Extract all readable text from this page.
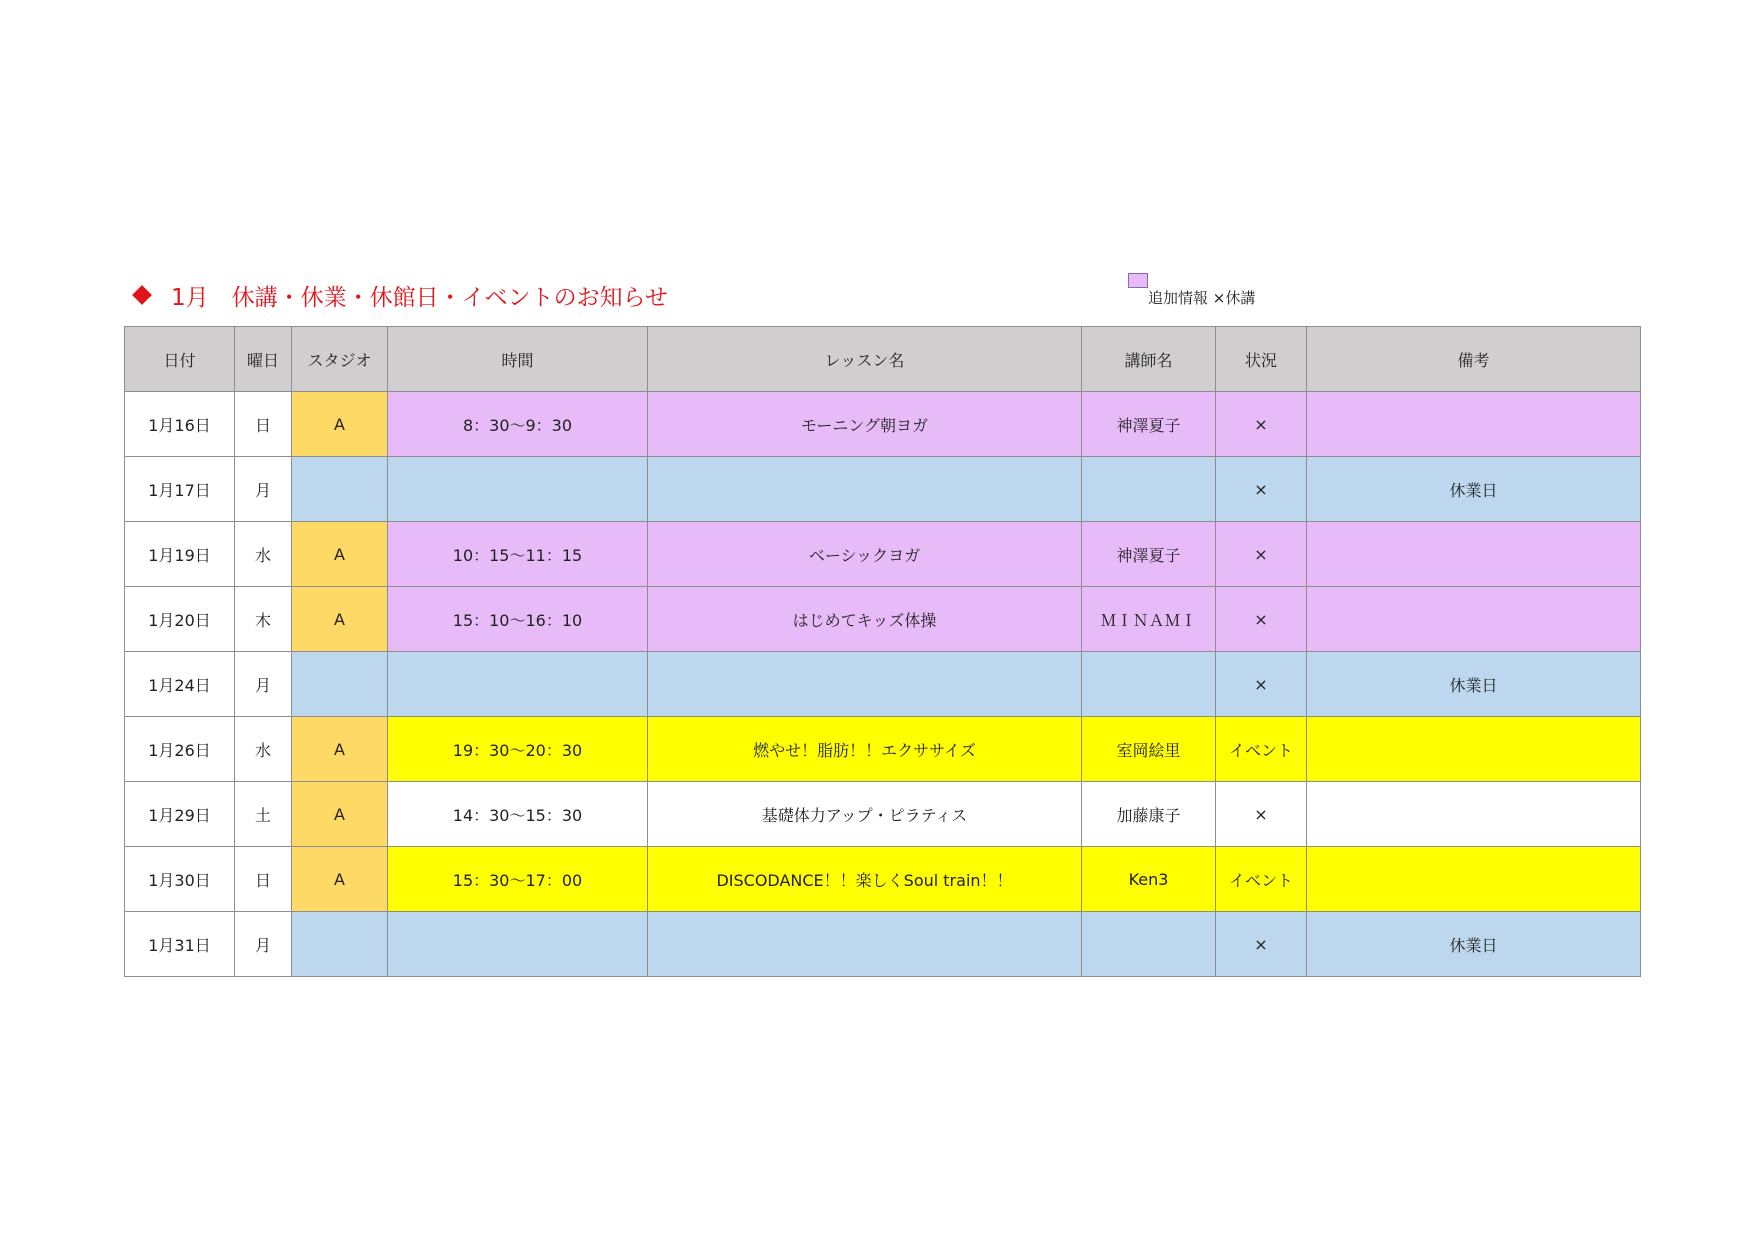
1月　休講・休業・休館日・イベントのお知らせ	追加情報 ×休講
日付	曜日	スタジオ	時間	レッスン名	講師名	状況	備考
1月16日	日	A	8：30～9：30	モーニング朝ヨガ	神澤夏子	×	
1月17日	月					×	休業日
1月19日	水	A	10：15～11：15	ベーシックヨガ	神澤夏子	×	
1月20日	木	A	15：10～16：10	はじめてキッズ体操	ＭＩＮＡＭＩ	×	
1月24日	月					×	休業日
1月26日	水	A	19：30～20：30	燃やせ！脂肪！！エクササイズ	室岡絵里	イベント	
1月29日	土	A	14：30～15：30	基礎体力アップ・ピラティス	加藤康子	×	
1月30日	日	A	15：30～17：00	DISCODANCE！！楽しくSoul train！！	Ken3	イベント	
1月31日	月					×	休業日
